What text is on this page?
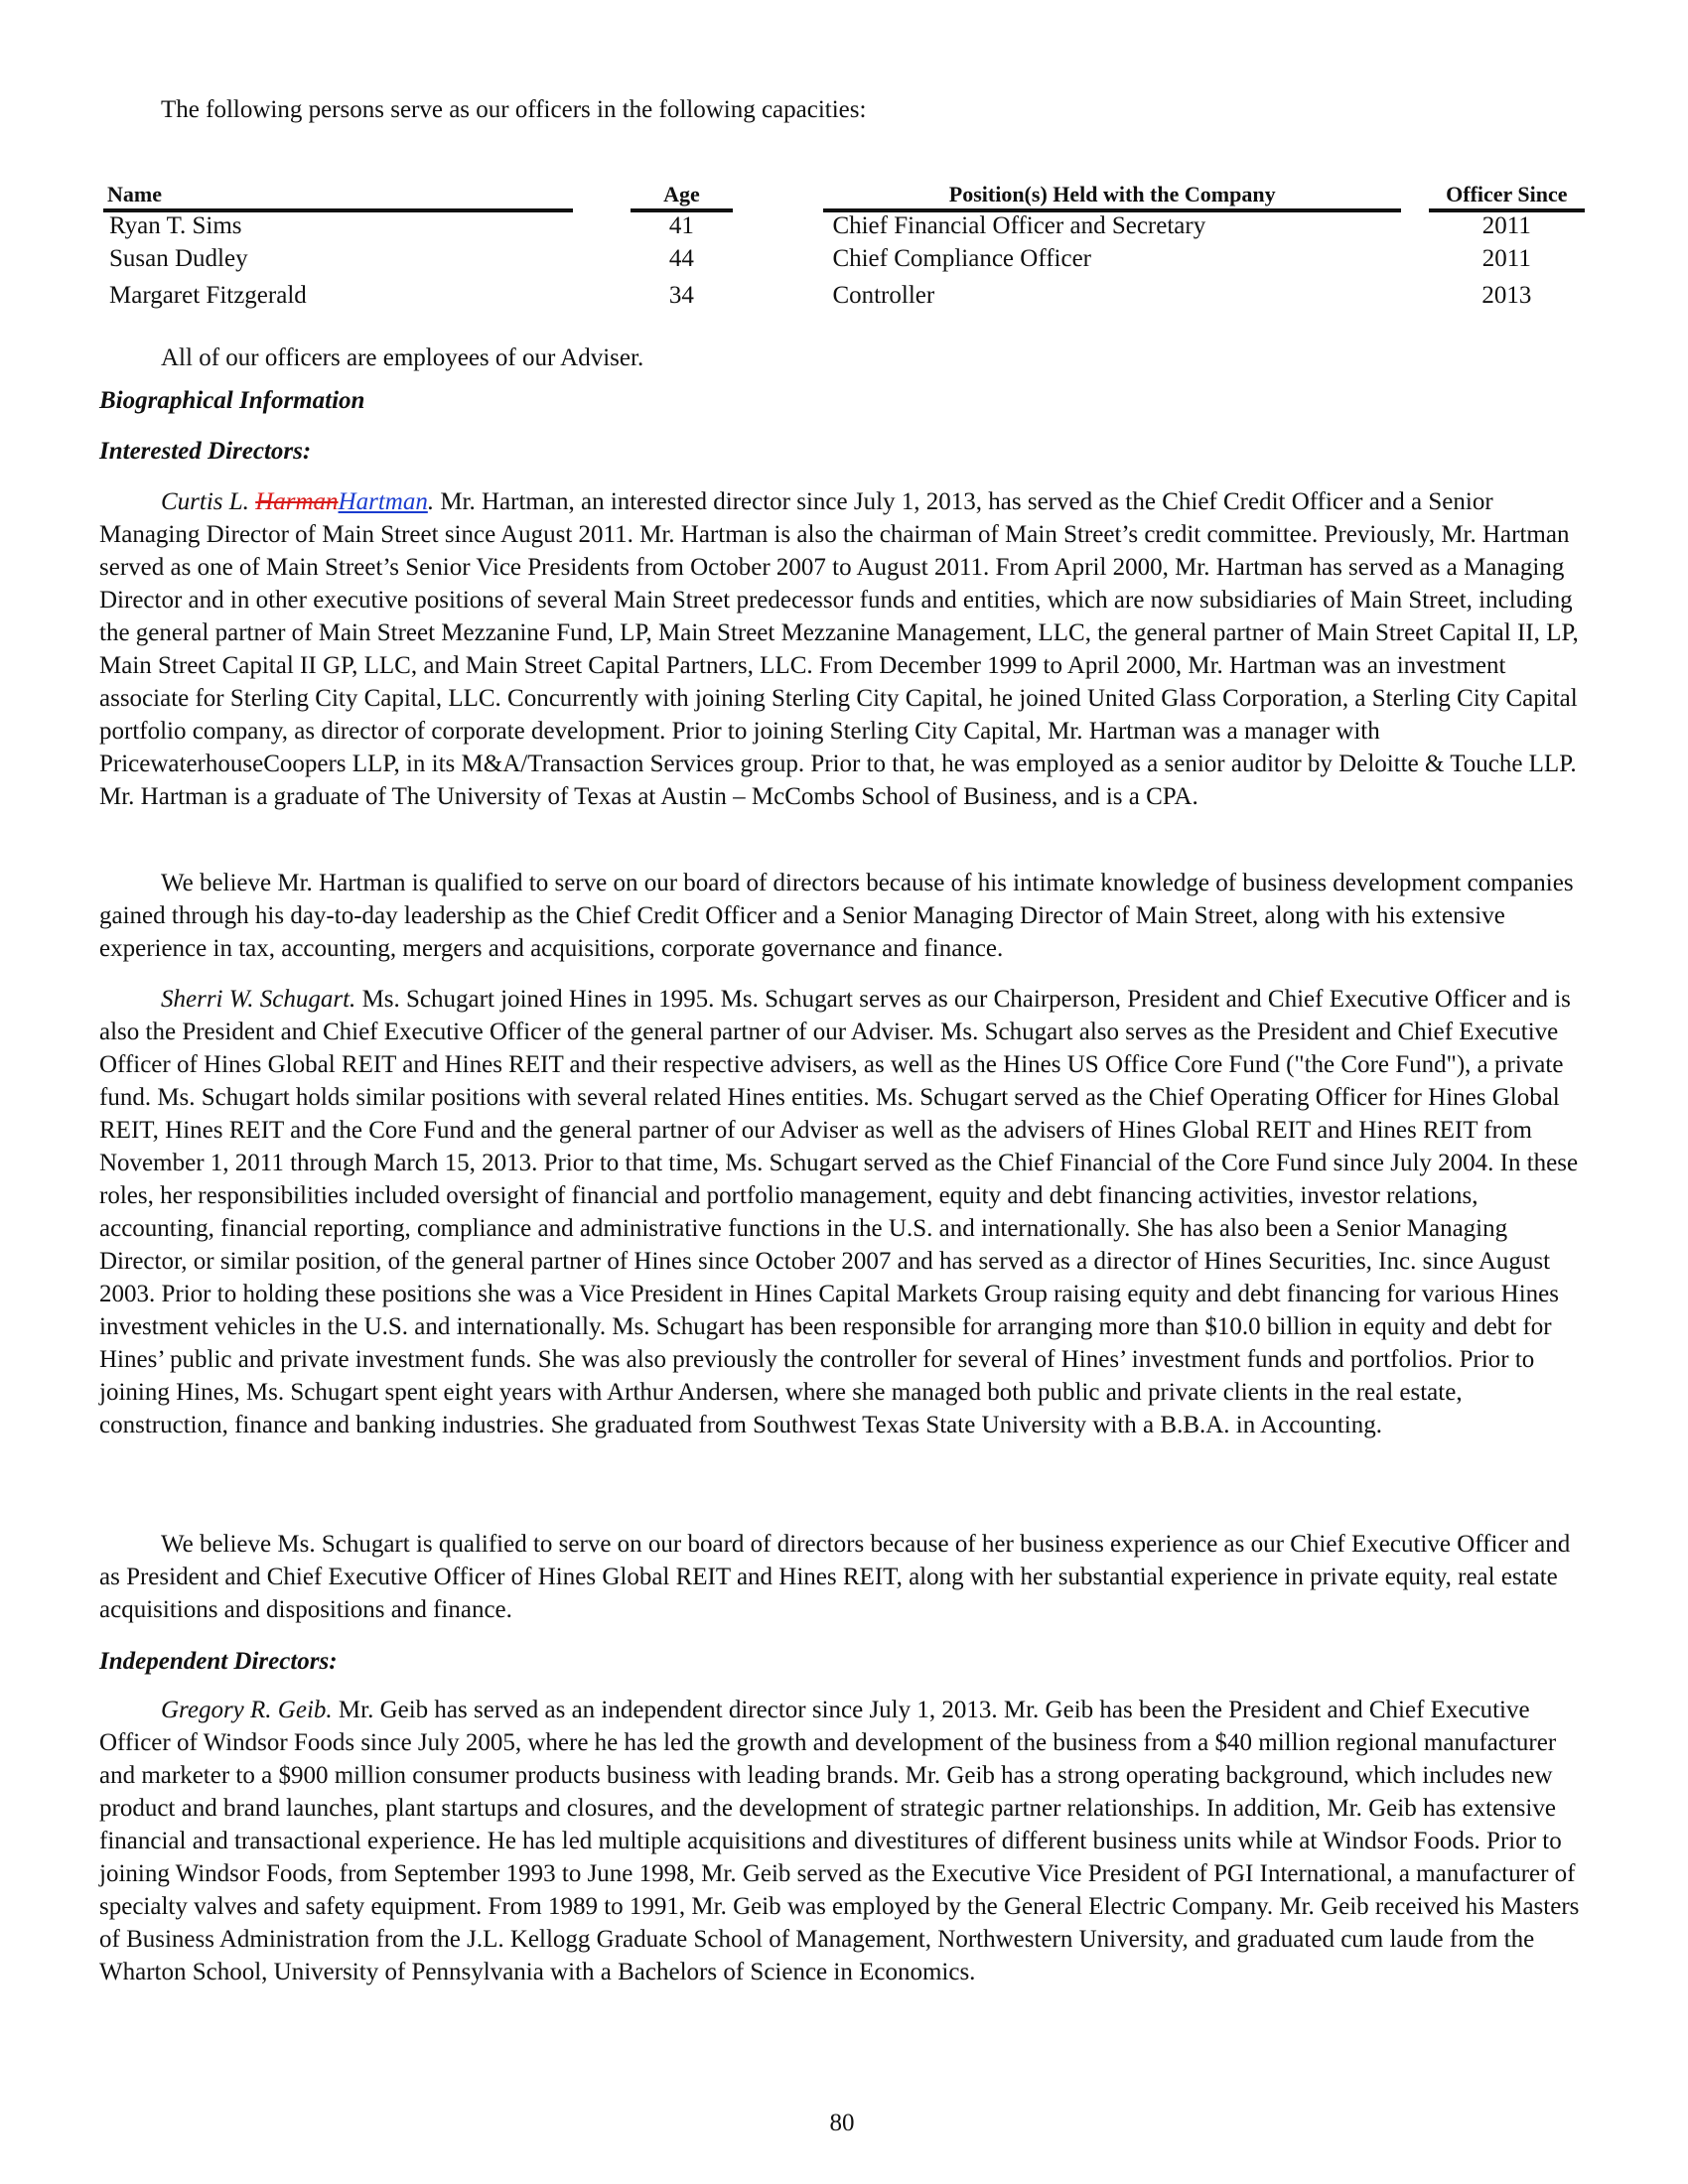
The following persons serve as our officers in the following capacities:
Name		Age		Position(s) Held with the Company		Officer Since
Ryan T. Sims		41		Chief Financial Officer and Secretary		2011
Susan Dudley		44		Chief Compliance Officer		2011
Margaret Fitzgerald		34		Controller		2013
All of our officers are employees of our Adviser.
Biographical Information
Interested Directors:
Curtis L. HarmanHartman. Mr. Hartman, an interested director since July 1, 2013, has served as the Chief Credit Officer and a Senior Managing Director of Main Street since August 2011. Mr. Hartman is also the chairman of Main Street’s credit committee. Previously, Mr. Hartman served as one of Main Street’s Senior Vice Presidents from October 2007 to August 2011. From April 2000, Mr. Hartman has served as a Managing Director and in other executive positions of several Main Street predecessor funds and entities, which are now subsidiaries of Main Street, including the general partner of Main Street Mezzanine Fund, LP, Main Street Mezzanine Management, LLC, the general partner of Main Street Capital II, LP, Main Street Capital II GP, LLC, and Main Street Capital Partners, LLC. From December 1999 to April 2000, Mr. Hartman was an investment associate for Sterling City Capital, LLC. Concurrently with joining Sterling City Capital, he joined United Glass Corporation, a Sterling City Capital portfolio company, as director of corporate development. Prior to joining Sterling City Capital, Mr. Hartman was a manager with PricewaterhouseCoopers LLP, in its M&A/Transaction Services group. Prior to that, he was employed as a senior auditor by Deloitte & Touche LLP. Mr. Hartman is a graduate of The University of Texas at Austin – McCombs School of Business, and is a CPA.
We believe Mr. Hartman is qualified to serve on our board of directors because of his intimate knowledge of business development companies gained through his day-to-day leadership as the Chief Credit Officer and a Senior Managing Director of Main Street, along with his extensive experience in tax, accounting, mergers and acquisitions, corporate governance and finance.
Sherri W. Schugart. Ms. Schugart joined Hines in 1995. Ms. Schugart serves as our Chairperson, President and Chief Executive Officer and is also the President and Chief Executive Officer of the general partner of our Adviser. Ms. Schugart also serves as the President and Chief Executive Officer of Hines Global REIT and Hines REIT and their respective advisers, as well as the Hines US Office Core Fund ("the Core Fund"), a private fund. Ms. Schugart holds similar positions with several related Hines entities. Ms. Schugart served as the Chief Operating Officer for Hines Global REIT, Hines REIT and the Core Fund and the general partner of our Adviser as well as the advisers of Hines Global REIT and Hines REIT from November 1, 2011 through March 15, 2013. Prior to that time, Ms. Schugart served as the Chief Financial of the Core Fund since July 2004. In these roles, her responsibilities included oversight of financial and portfolio management, equity and debt financing activities, investor relations, accounting, financial reporting, compliance and administrative functions in the U.S. and internationally. She has also been a Senior Managing Director, or similar position, of the general partner of Hines since October 2007 and has served as a director of Hines Securities, Inc. since August 2003. Prior to holding these positions she was a Vice President in Hines Capital Markets Group raising equity and debt financing for various Hines investment vehicles in the U.S. and internationally. Ms. Schugart has been responsible for arranging more than $10.0 billion in equity and debt for Hines’ public and private investment funds. She was also previously the controller for several of Hines’ investment funds and portfolios. Prior to joining Hines, Ms. Schugart spent eight years with Arthur Andersen, where she managed both public and private clients in the real estate, construction, finance and banking industries. She graduated from Southwest Texas State University with a B.B.A. in Accounting.
We believe Ms. Schugart is qualified to serve on our board of directors because of her business experience as our Chief Executive Officer and as President and Chief Executive Officer of Hines Global REIT and Hines REIT, along with her substantial experience in private equity, real estate acquisitions and dispositions and finance.
Independent Directors:
Gregory R. Geib. Mr. Geib has served as an independent director since July 1, 2013. Mr. Geib has been the President and Chief Executive Officer of Windsor Foods since July 2005, where he has led the growth and development of the business from a $40 million regional manufacturer and marketer to a $900 million consumer products business with leading brands. Mr. Geib has a strong operating background, which includes new product and brand launches, plant startups and closures, and the development of strategic partner relationships. In addition, Mr. Geib has extensive financial and transactional experience. He has led multiple acquisitions and divestitures of different business units while at Windsor Foods. Prior to joining Windsor Foods, from September 1993 to June 1998, Mr. Geib served as the Executive Vice President of PGI International, a manufacturer of specialty valves and safety equipment. From 1989 to 1991, Mr. Geib was employed by the General Electric Company. Mr. Geib received his Masters of Business Administration from the J.L. Kellogg Graduate School of Management, Northwestern University, and graduated cum laude from the Wharton School, University of Pennsylvania with a Bachelors of Science in Economics.
80
